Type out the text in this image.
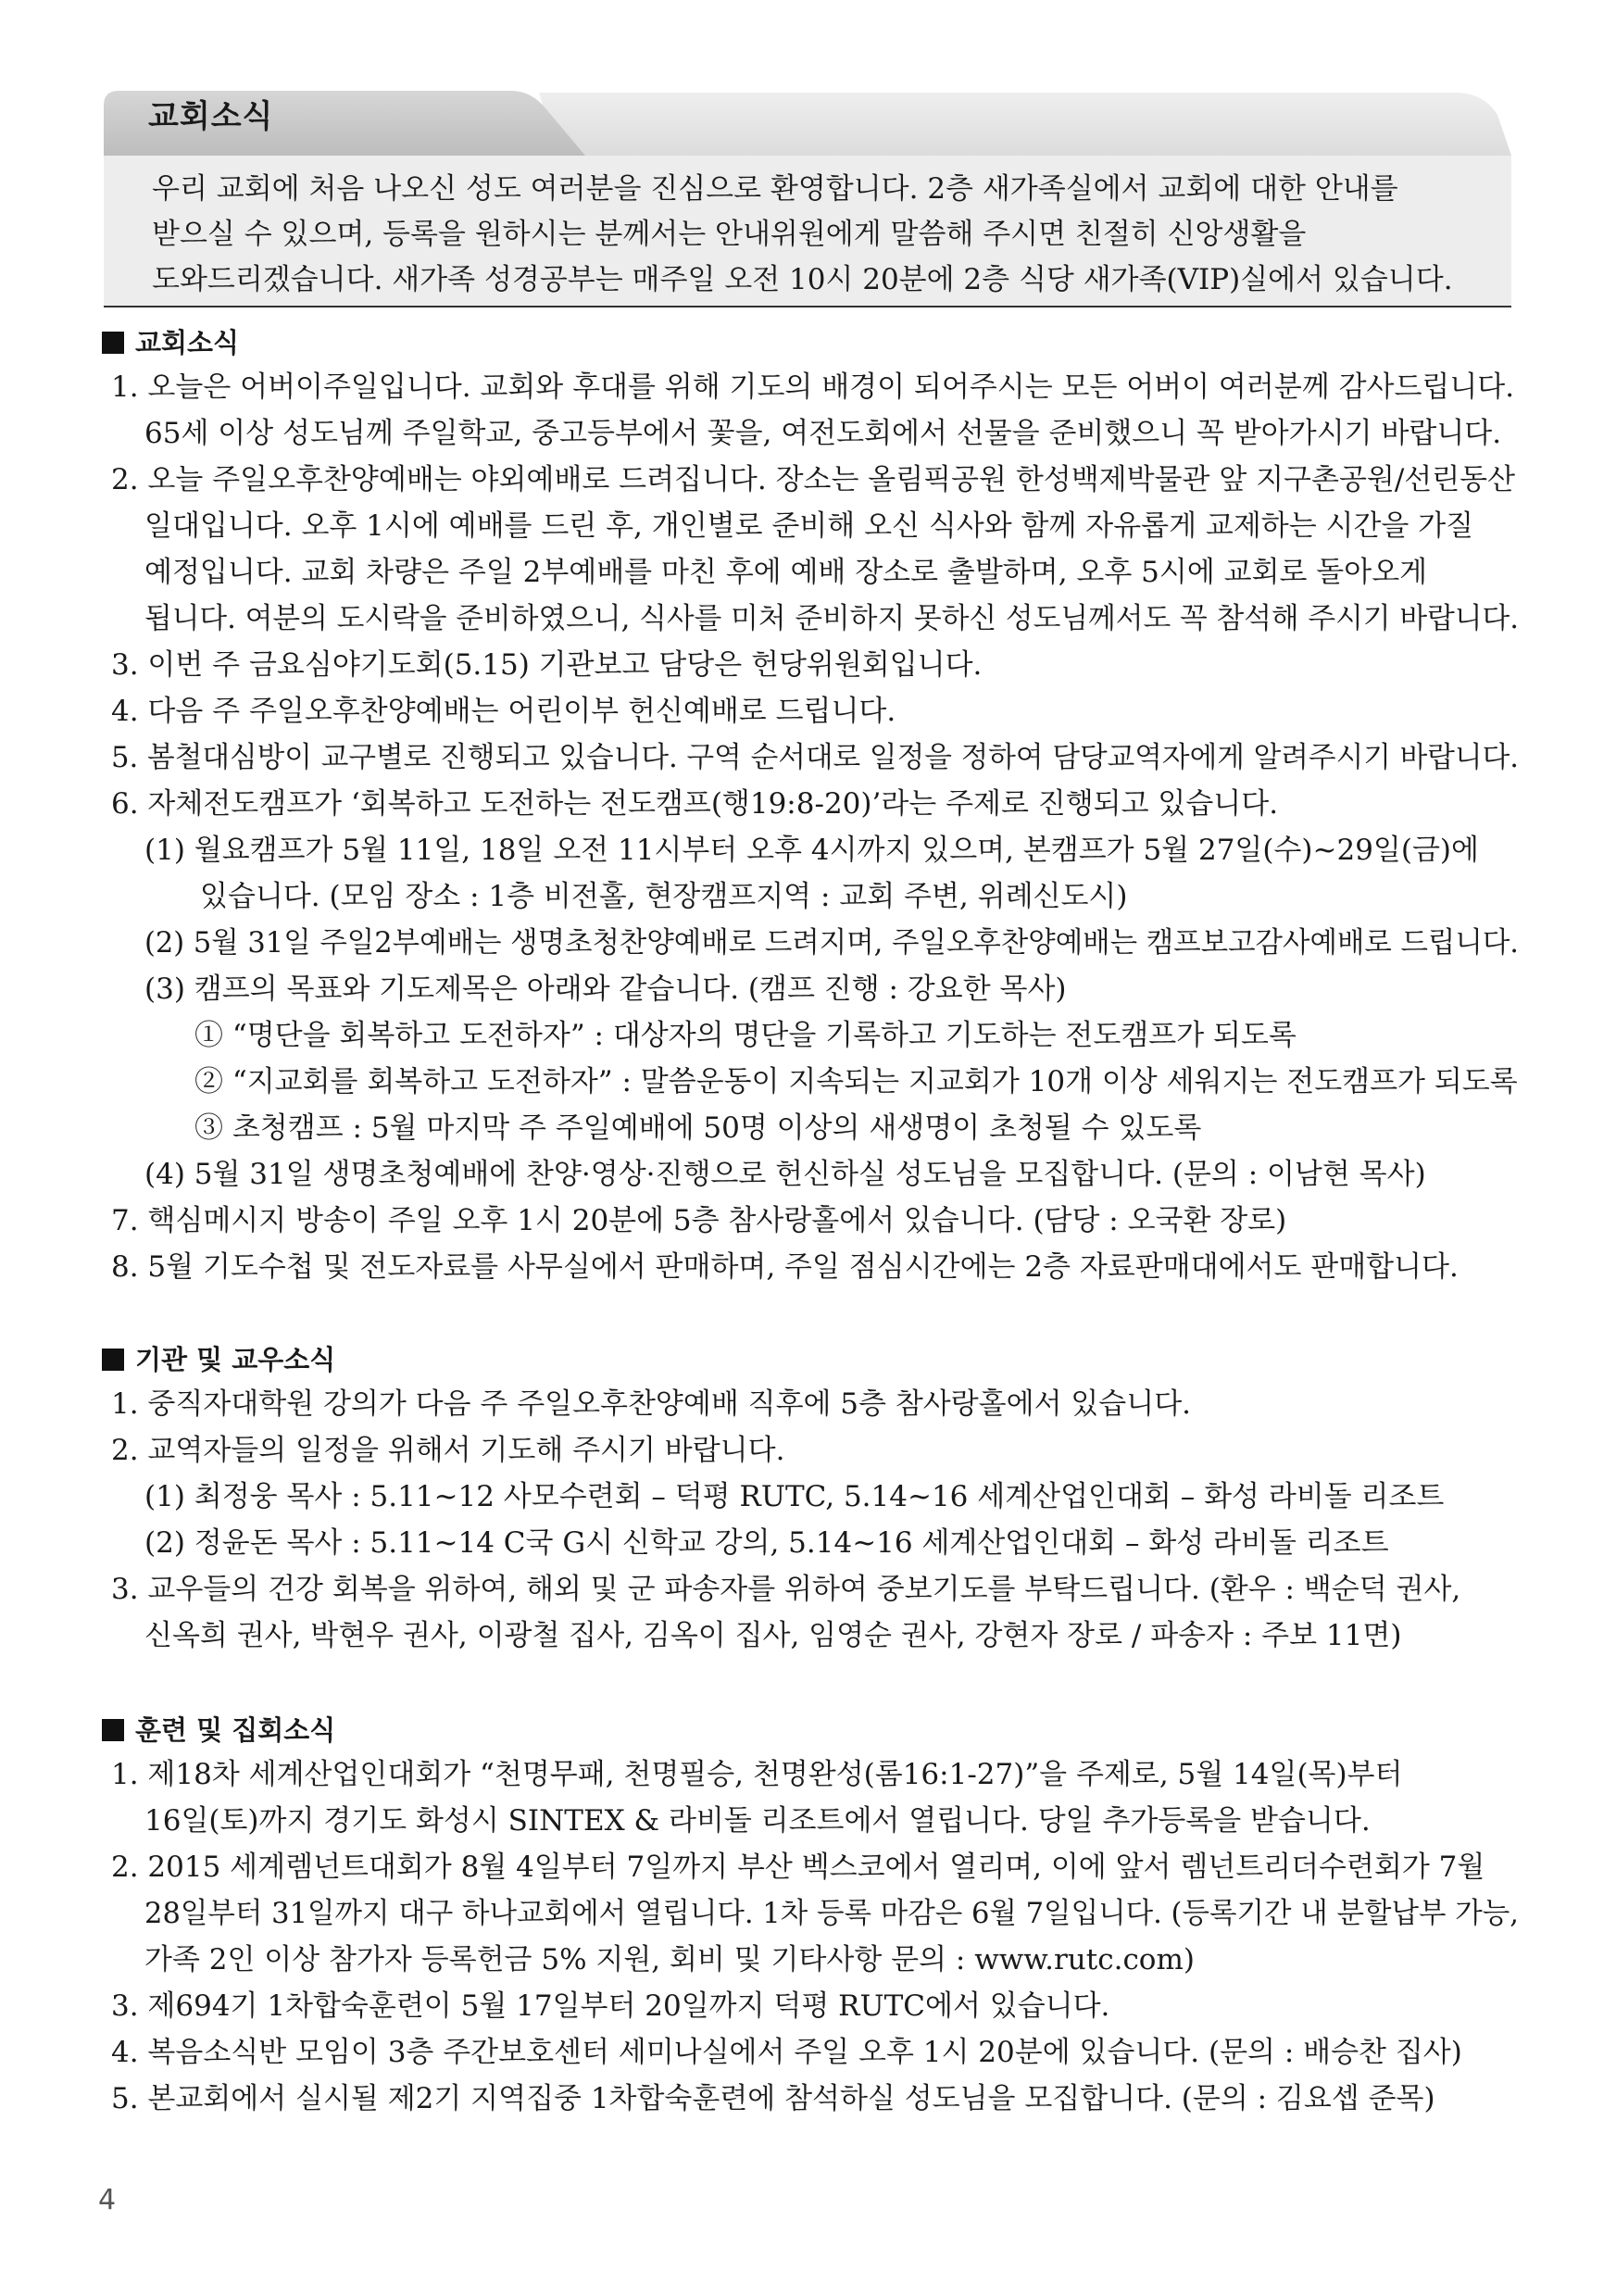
교회소식
우리 교회에 처음 나오신 성도 여러분을 진심으로 환영합니다. 2층 새가족실에서 교회에 대한 안내를
받으실 수 있으며, 등록을 원하시는 분께서는 안내위원에게 말씀해 주시면 친절히 신앙생활을
도와드리겠습니다. 새가족 성경공부는 매주일 오전 10시 20분에 2층 식당 새가족(VIP)실에서 있습니다.
교회소식
1. 오늘은 어버이주일입니다. 교회와 후대를 위해 기도의 배경이 되어주시는 모든 어버이 여러분께 감사드립니다.
65세 이상 성도님께 주일학교, 중고등부에서 꽃을, 여전도회에서 선물을 준비했으니 꼭 받아가시기 바랍니다.
2. 오늘 주일오후찬양예배는 야외예배로 드려집니다. 장소는 올림픽공원 한성백제박물관 앞 지구촌공원/선린동산
일대입니다. 오후 1시에 예배를 드린 후, 개인별로 준비해 오신 식사와 함께 자유롭게 교제하는 시간을 가질
예정입니다. 교회 차량은 주일 2부예배를 마친 후에 예배 장소로 출발하며, 오후 5시에 교회로 돌아오게
됩니다. 여분의 도시락을 준비하였으니, 식사를 미처 준비하지 못하신 성도님께서도 꼭 참석해 주시기 바랍니다.
3. 이번 주 금요심야기도회(5.15) 기관보고 담당은 헌당위원회입니다.
4. 다음 주 주일오후찬양예배는 어린이부 헌신예배로 드립니다.
5. 봄철대심방이 교구별로 진행되고 있습니다. 구역 순서대로 일정을 정하여 담당교역자에게 알려주시기 바랍니다.
6. 자체전도캠프가 ‘회복하고 도전하는 전도캠프(행19:8-20)’라는 주제로 진행되고 있습니다.
(1) 월요캠프가 5월 11일, 18일 오전 11시부터 오후 4시까지 있으며, 본캠프가 5월 27일(수)~29일(금)에
있습니다. (모임 장소 : 1층 비전홀, 현장캠프지역 : 교회 주변, 위례신도시)
(2) 5월 31일 주일2부예배는 생명초청찬양예배로 드려지며, 주일오후찬양예배는 캠프보고감사예배로 드립니다.
(3) 캠프의 목표와 기도제목은 아래와 같습니다. (캠프 진행 : 강요한 목사)
① “명단을 회복하고 도전하자” : 대상자의 명단을 기록하고 기도하는 전도캠프가 되도록
② “지교회를 회복하고 도전하자” : 말씀운동이 지속되는 지교회가 10개 이상 세워지는 전도캠프가 되도록
③ 초청캠프 : 5월 마지막 주 주일예배에 50명 이상의 새생명이 초청될 수 있도록
(4) 5월 31일 생명초청예배에 찬양·영상·진행으로 헌신하실 성도님을 모집합니다. (문의 : 이남현 목사)
7. 핵심메시지 방송이 주일 오후 1시 20분에 5층 참사랑홀에서 있습니다. (담당 : 오국환 장로)
8. 5월 기도수첩 및 전도자료를 사무실에서 판매하며, 주일 점심시간에는 2층 자료판매대에서도 판매합니다.
기관 및 교우소식
1. 중직자대학원 강의가 다음 주 주일오후찬양예배 직후에 5층 참사랑홀에서 있습니다.
2. 교역자들의 일정을 위해서 기도해 주시기 바랍니다.
(1) 최정웅 목사 : 5.11~12 사모수련회 – 덕평 RUTC, 5.14~16 세계산업인대회 – 화성 라비돌 리조트
(2) 정윤돈 목사 : 5.11~14 C국 G시 신학교 강의, 5.14~16 세계산업인대회 – 화성 라비돌 리조트
3. 교우들의 건강 회복을 위하여, 해외 및 군 파송자를 위하여 중보기도를 부탁드립니다. (환우 : 백순덕 권사,
신옥희 권사, 박현우 권사, 이광철 집사, 김옥이 집사, 임영순 권사, 강현자 장로 / 파송자 : 주보 11면)
훈련 및 집회소식
1. 제18차 세계산업인대회가 “천명무패, 천명필승, 천명완성(롬16:1-27)”을 주제로, 5월 14일(목)부터
16일(토)까지 경기도 화성시 SINTEX & 라비돌 리조트에서 열립니다. 당일 추가등록을 받습니다.
2. 2015 세계렘넌트대회가 8월 4일부터 7일까지 부산 벡스코에서 열리며, 이에 앞서 렘넌트리더수련회가 7월
28일부터 31일까지 대구 하나교회에서 열립니다. 1차 등록 마감은 6월 7일입니다. (등록기간 내 분할납부 가능,
가족 2인 이상 참가자 등록헌금 5% 지원, 회비 및 기타사항 문의 : www.rutc.com)
3. 제694기 1차합숙훈련이 5월 17일부터 20일까지 덕평 RUTC에서 있습니다.
4. 복음소식반 모임이 3층 주간보호센터 세미나실에서 주일 오후 1시 20분에 있습니다. (문의 : 배승찬 집사)
5. 본교회에서 실시될 제2기 지역집중 1차합숙훈련에 참석하실 성도님을 모집합니다. (문의 : 김요셉 준목)
4
